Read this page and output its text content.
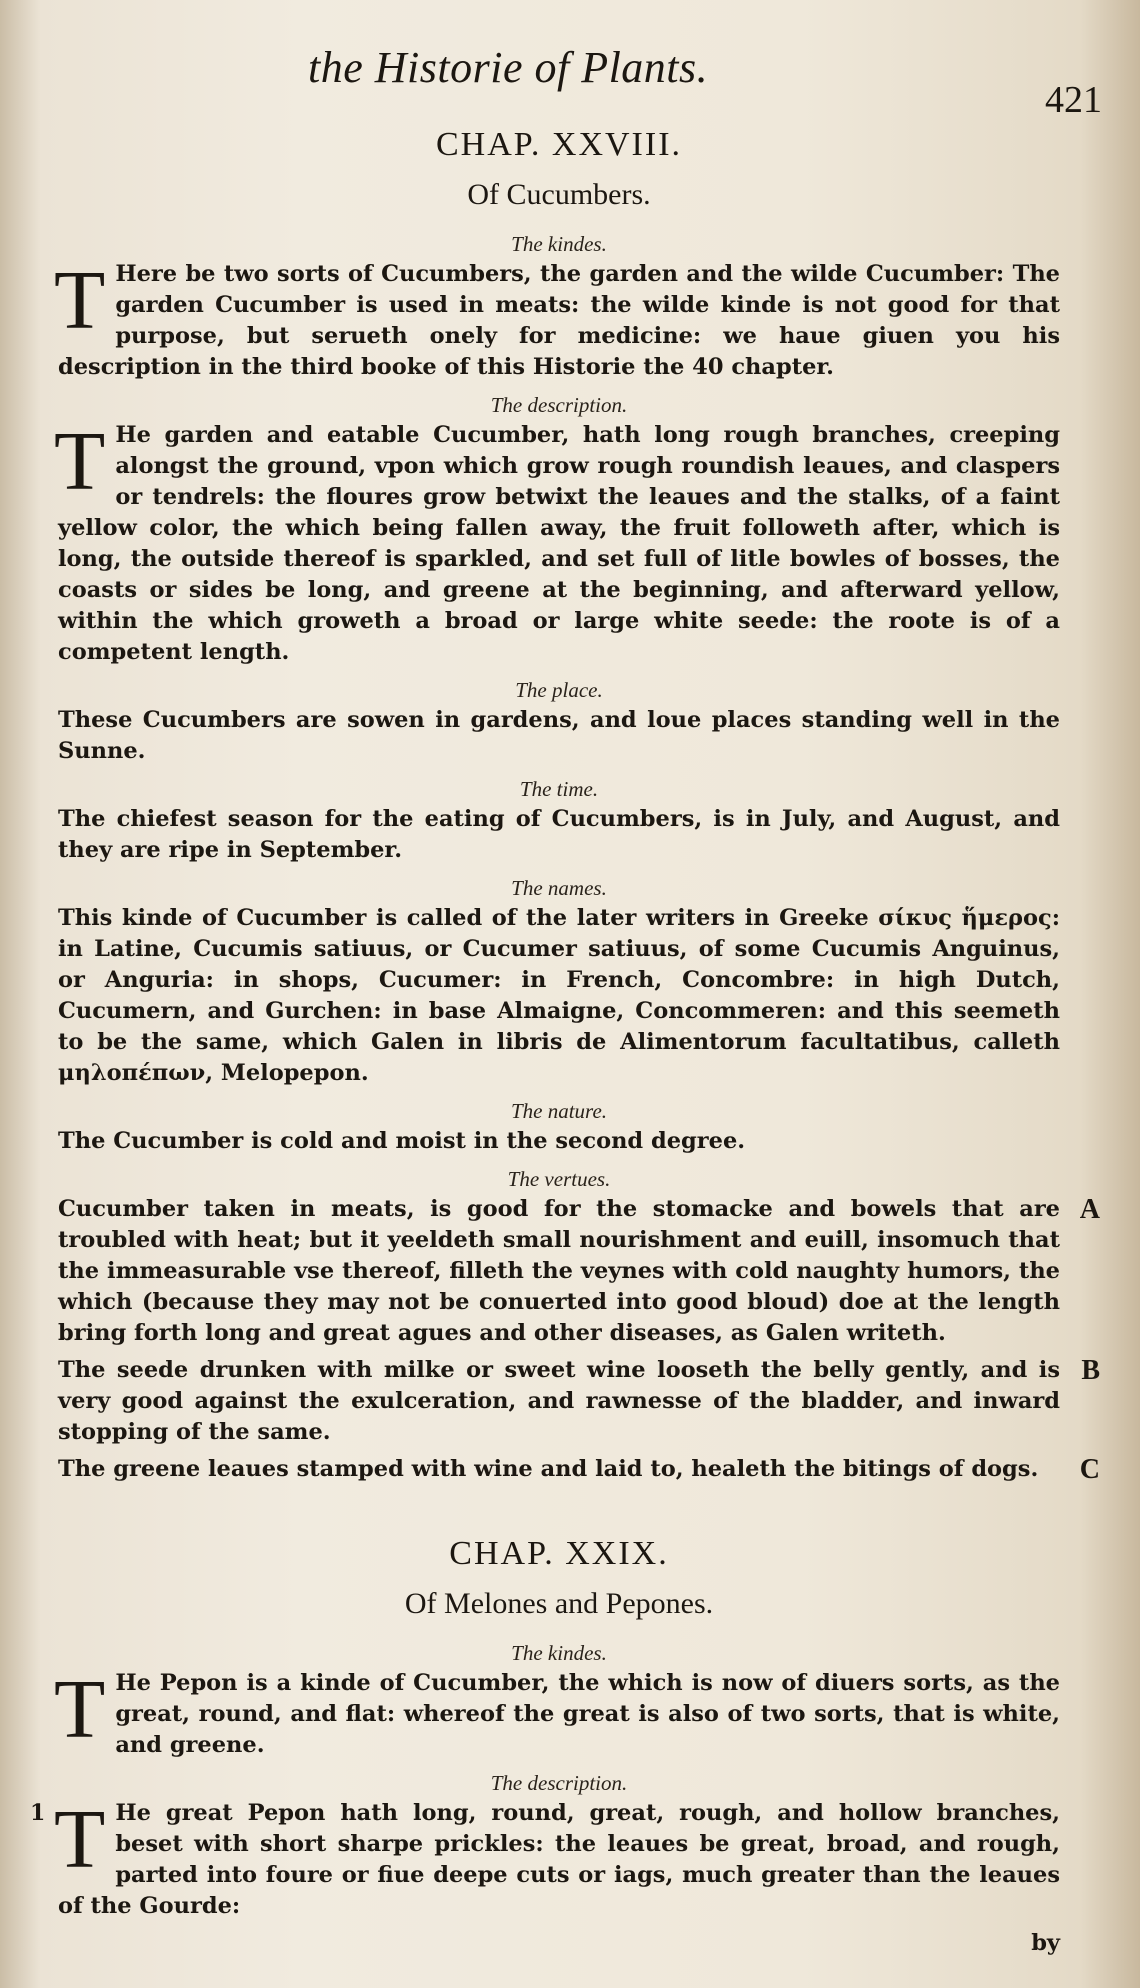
the Historie of Plants.
421
CHAP. XXVIII.
Of Cucumbers.
The kindes.
T Here be two sorts of Cucumbers, the garden and the wilde Cucumber: The garden Cucumber is used in meats: the wilde kinde is not good for that purpose, but serueth onely for medicine: we haue giuen you his description in the third booke of this Historie the 40 chapter.
The description.
T He garden and eatable Cucumber, hath long rough branches, creeping alongst the ground, vpon which grow rough roundish leaues, and claspers or tendrels: the floures grow betwixt the leaues and the stalks, of a faint yellow color, the which being fallen away, the fruit followeth after, which is long, the outside thereof is sparkled, and set full of litle bowles of bosses, the coasts or sides be long, and greene at the beginning, and afterward yellow, within the which groweth a broad or large white seede: the roote is of a competent length.
The place.
These Cucumbers are sowen in gardens, and loue places standing well in the Sunne.
The time.
The chiefest season for the eating of Cucumbers, is in July, and August, and they are ripe in September.
The names.
This kinde of Cucumber is called of the later writers in Greeke σίκυς ἥμερος: in Latine, Cucumis satiuus, or Cucumer satiuus, of some Cucumis Anguinus, or Anguria: in shops, Cucumer: in French, Concombre: in high Dutch, Cucumern, and Gurchen: in base Almaigne, Concommeren: and this seemeth to be the same, which Galen in libris de Alimentorum facultatibus, calleth μηλοπέπων, Melopepon.
The nature.
The Cucumber is cold and moist in the second degree.
The vertues.
Cucumber taken in meats, is good for the stomacke and bowels that are troubled with heat; but it yeeldeth small nourishment and euill, insomuch that the immeasurable vse thereof, filleth the veynes with cold naughty humors, the which (because they may not be conuerted into good bloud) doe at the length bring forth long and great agues and other diseases, as Galen writeth.
A
The seede drunken with milke or sweet wine looseth the belly gently, and is very good against the exulceration, and rawnesse of the bladder, and inward stopping of the same.
B
The greene leaues stamped with wine and laid to, healeth the bitings of dogs. C
CHAP. XXIX.
Of Melones and Pepones.
The kindes.
T He Pepon is a kinde of Cucumber, the which is now of diuers sorts, as the great, round, and flat: whereof the great is also of two sorts, that is white, and greene.
The description.
1 T He great Pepon hath long, round, great, rough, and hollow branches, beset with short sharpe prickles: the leaues be great, broad, and rough, parted into foure or fiue deepe cuts or iags, much greater than the leaues of the Gourde:
by
